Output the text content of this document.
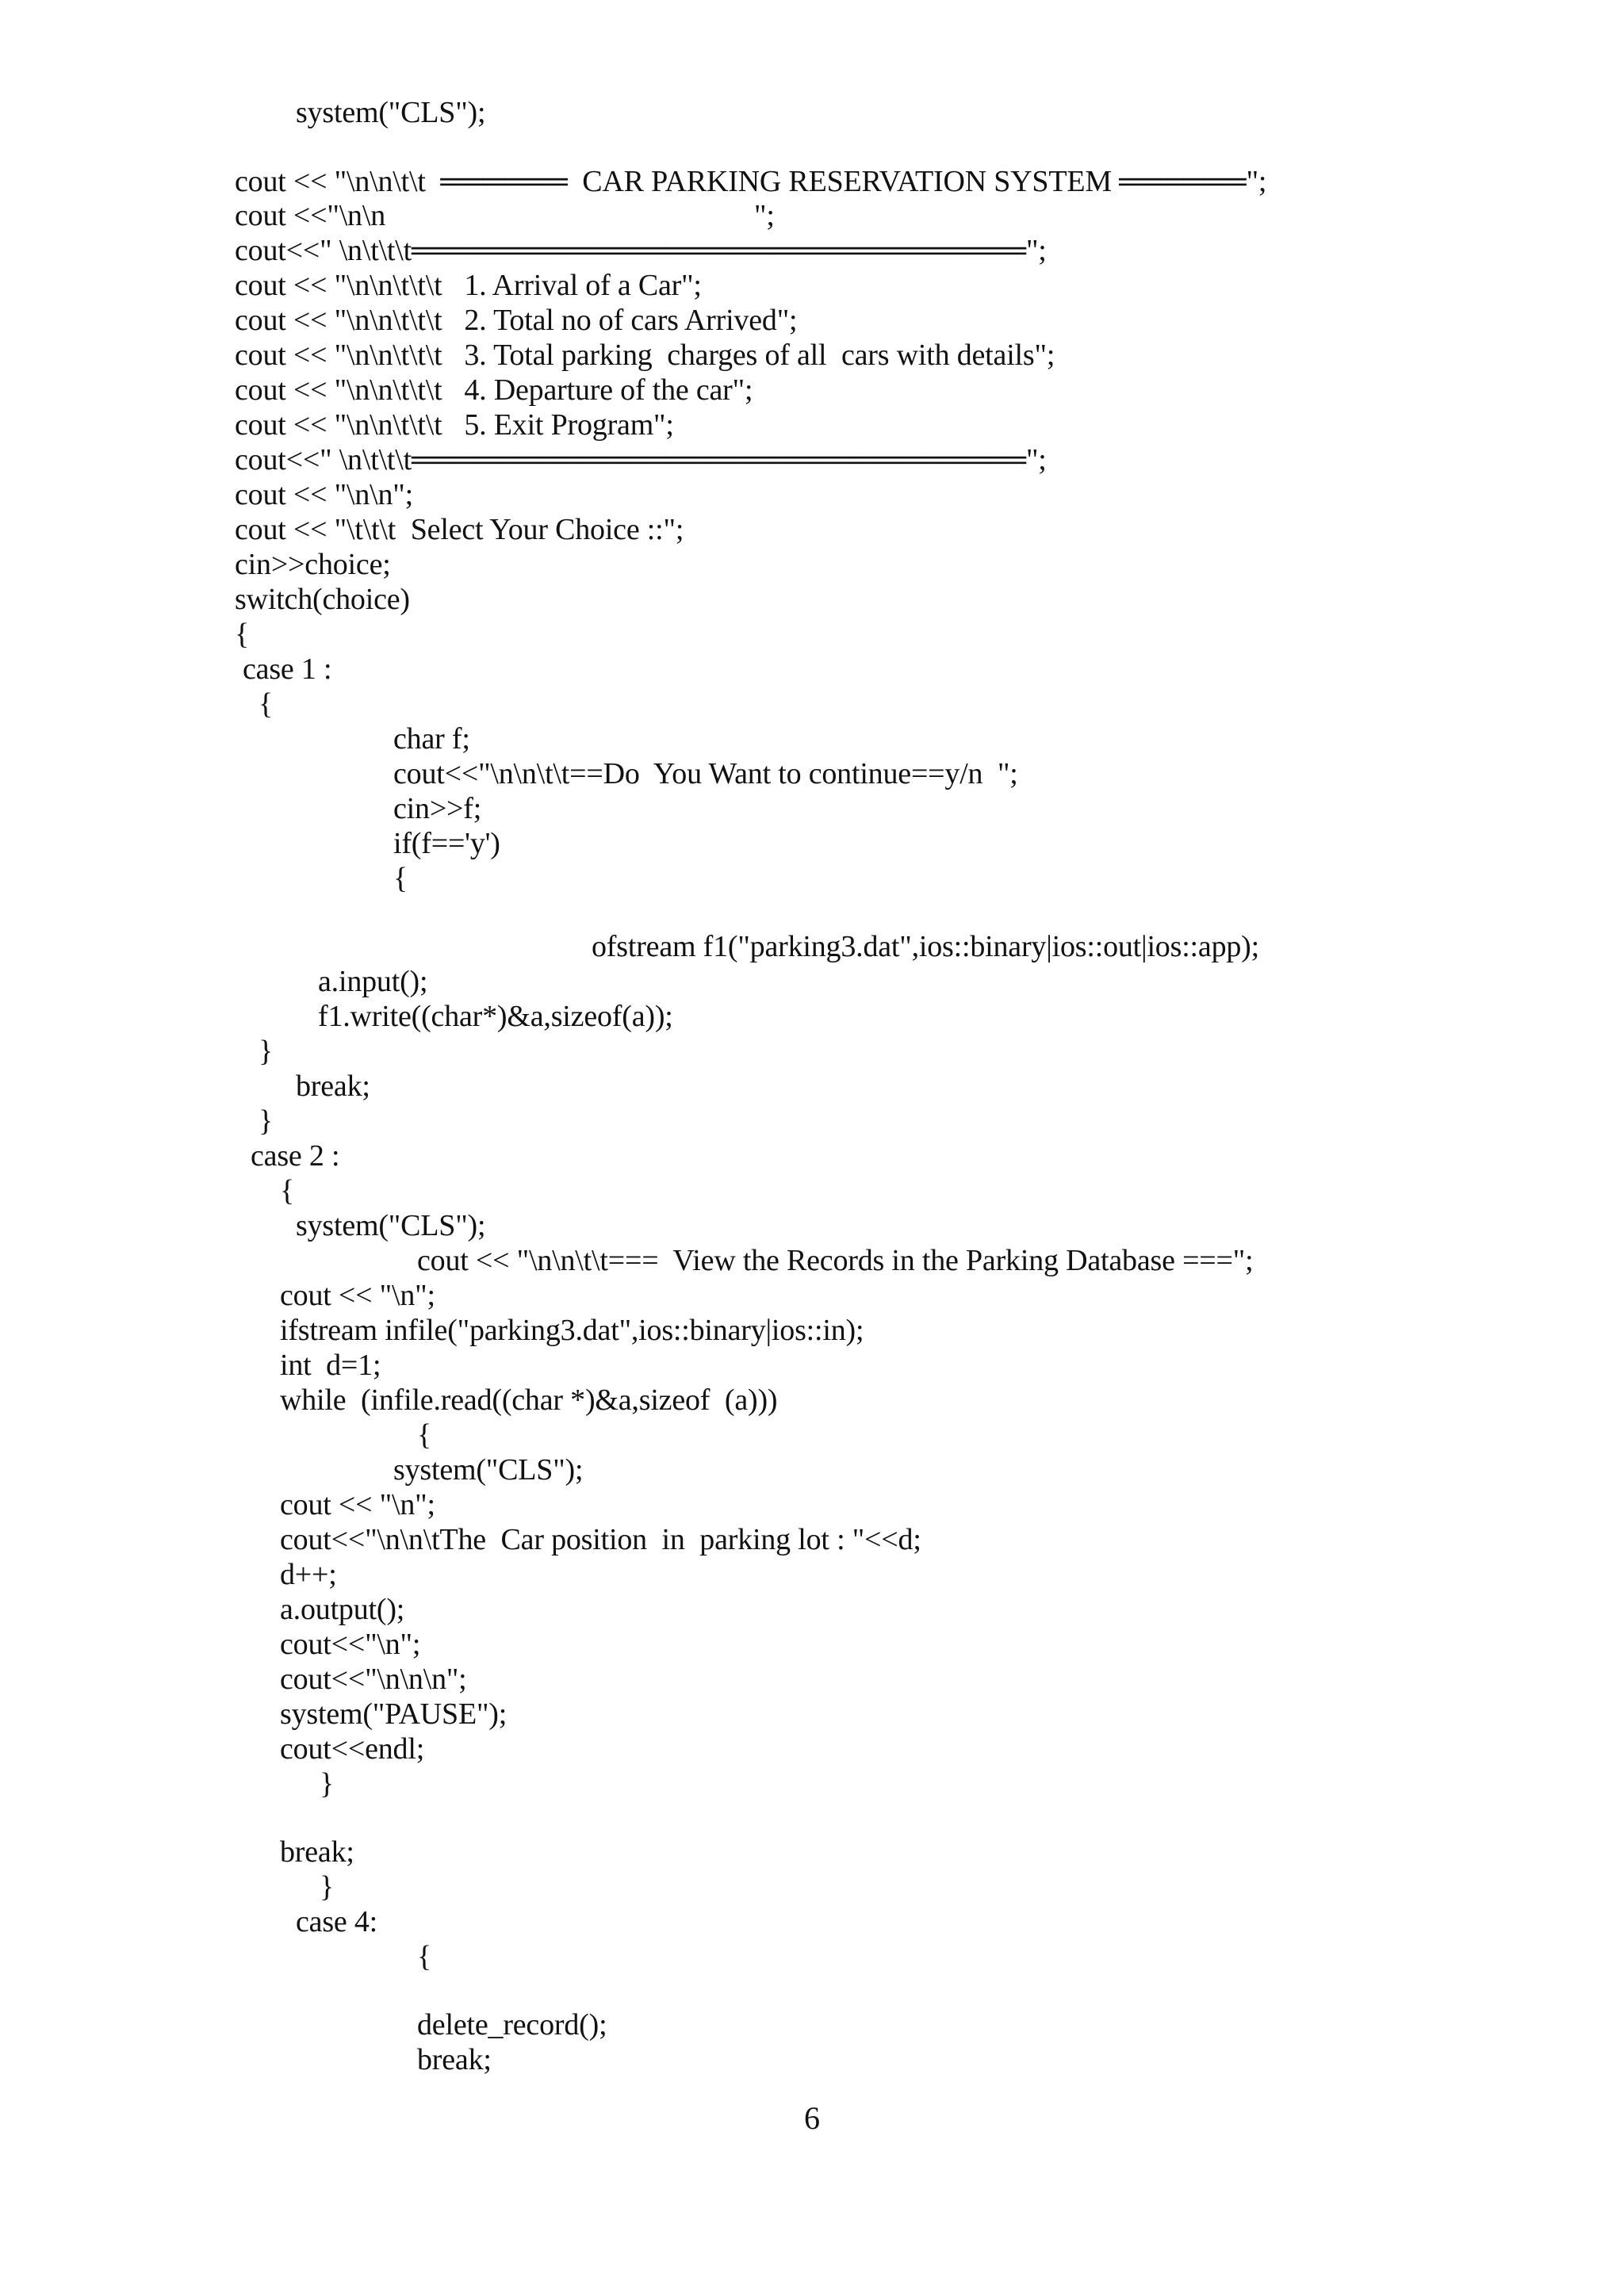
system("CLS");
cout << "\n\n\t\t  ══════  CAR PARKING RESERVATION SYSTEM ══════";
cout <<"\n\n                                                  ";
cout<<" \n\t\t\t═════════════════════════════";
cout << "\n\n\t\t\t   1. Arrival of a Car";
cout << "\n\n\t\t\t   2. Total no of cars Arrived";
cout << "\n\n\t\t\t   3. Total parking  charges of all  cars with details";
cout << "\n\n\t\t\t   4. Departure of the car";
cout << "\n\n\t\t\t   5. Exit Program";
cout<<" \n\t\t\t═════════════════════════════";
cout << "\n\n";
cout << "\t\t\t  Select Your Choice ::";
cin>>choice;
switch(choice)
{
case 1 :
{
char f;
cout<<"\n\n\t\t==Do  You Want to continue==y/n  ";
cin>>f;
if(f=='y')
{
ofstream f1("parking3.dat",ios::binary|ios::out|ios::app);
a.input();
f1.write((char*)&a,sizeof(a));
}
break;
}
case 2 :
{
system("CLS");
cout << "\n\n\t\t===  View the Records in the Parking Database ===";
cout << "\n";
ifstream infile("parking3.dat",ios::binary|ios::in);
int  d=1;
while  (infile.read((char *)&a,sizeof  (a)))
{
system("CLS");
cout << "\n";
cout<<"\n\n\tThe  Car position  in  parking lot : "<<d;
d++;
a.output();
cout<<"\n";
cout<<"\n\n\n";
system("PAUSE");
cout<<endl;
}
break;
}
case 4:
{
delete_record();
break;
6
